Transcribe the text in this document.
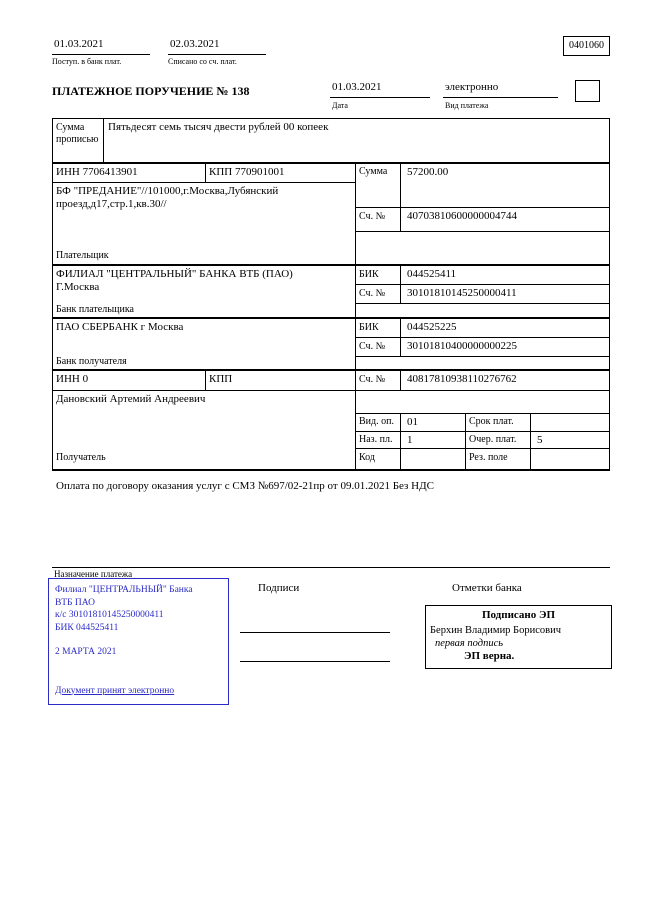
01.03.2021
Поступ. в банк плат.
02.03.2021
Списано со сч. плат.
0401060
ПЛАТЕЖНОЕ ПОРУЧЕНИЕ № 138	01.03.2021
Дата
электронно
Вид платежа
Сумма прописью
Пятьдесят семь тысяч двести рублей 00 копеек
ИНН 7706413901	КПП 770901001
БФ "ПРЕДАНИЕ"//101000,г.Москва,Лубянский проезд,д17,стр.1,кв.30//
Плательщик
Сумма 57200.00
Сч. № 40703810600000004744
ФИЛИАЛ "ЦЕНТРАЛЬНЫЙ" БАНКА ВТБ (ПАО) Г.Москва
Банк плательщика
БИК	044525411
Сч. № 30101810145250000411
ПАО СБЕРБАНК г Москва
Банк получателя
БИК	044525225
Сч. № 30101810400000000225
ИНН 0	КПП	Сч. № 40817810938110276762
Дановский Артемий Андреевич
Получатель
Вид. оп. 01	Срок плат.
Наз. пл. 1	Очер. плат. 5
Код	Рез. поле
Оплата по договору оказания услуг с СМЗ №697/02-21пр от 09.01.2021 Без НДС
Назначение платежа
Филиал "ЦЕНТРАЛЬНЫЙ" Банка
ВТБ ПАО
к/с 30101810145250000411
БИК 044525411
2 МАРТА 2021
Документ принят электронно
Подписи	Отметки банка
Подписано ЭП
Берхин Владимир Борисович
первая подпись
ЭП верна.
